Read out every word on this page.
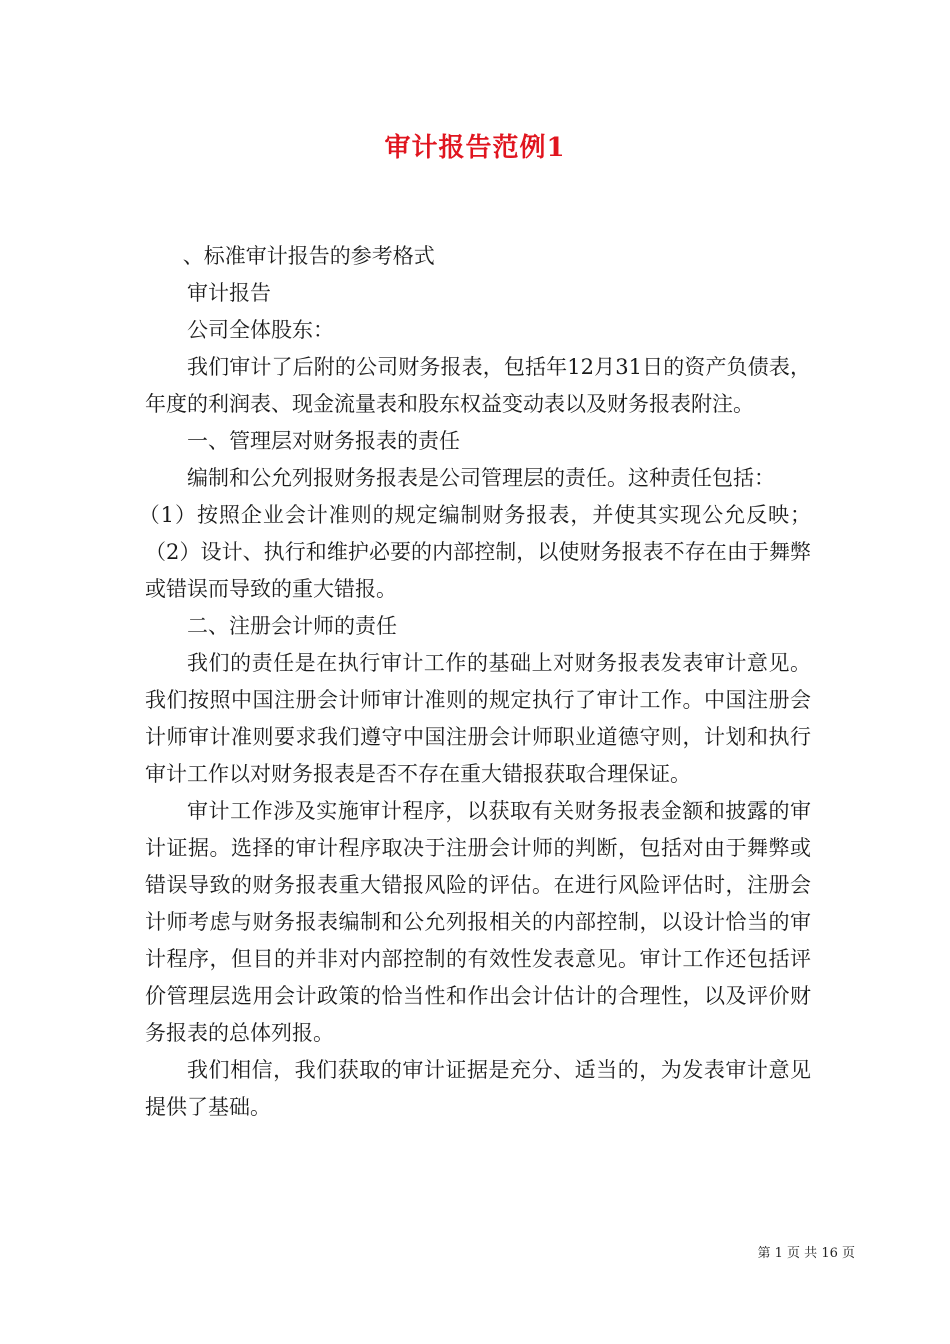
审计报告范例1

、标准审计报告的参考格式

审计报告

公司全体股东：

我们审计了后附的公司财务报表，包括年12月31日的资产负债表，年度的利润表、现金流量表和股东权益变动表以及财务报表附注。

一、管理层对财务报表的责任

编制和公允列报财务报表是公司管理层的责任。这种责任包括：

（1）按照企业会计准则的规定编制财务报表，并使其实现公允反映；（2）设计、执行和维护必要的内部控制，以使财务报表不存在由于舞弊或错误而导致的重大错报。

二、注册会计师的责任

我们的责任是在执行审计工作的基础上对财务报表发表审计意见。我们按照中国注册会计师审计准则的规定执行了审计工作。中国注册会计师审计准则要求我们遵守中国注册会计师职业道德守则，计划和执行审计工作以对财务报表是否不存在重大错报获取合理保证。

审计工作涉及实施审计程序，以获取有关财务报表金额和披露的审计证据。选择的审计程序取决于注册会计师的判断，包括对由于舞弊或错误导致的财务报表重大错报风险的评估。在进行风险评估时，注册会计师考虑与财务报表编制和公允列报相关的内部控制，以设计恰当的审计程序，但目的并非对内部控制的有效性发表意见。审计工作还包括评价管理层选用会计政策的恰当性和作出会计估计的合理性，以及评价财务报表的总体列报。

我们相信，我们获取的审计证据是充分、适当的，为发表审计意见提供了基础。

第 1 页 共 16 页
